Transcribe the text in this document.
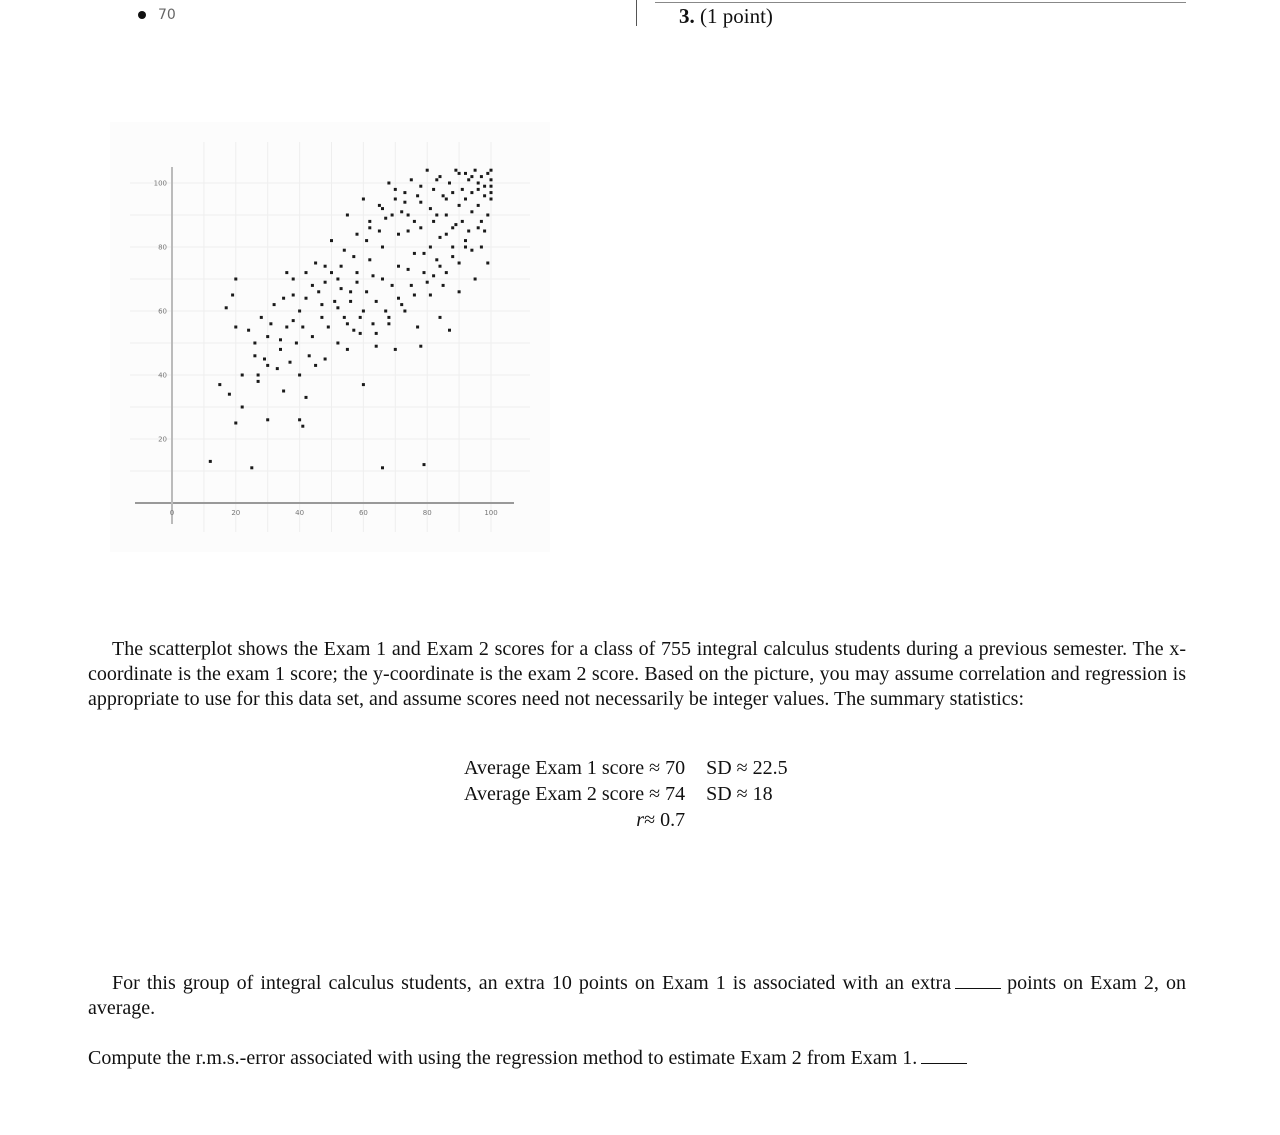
70	3. (1 point)
0	20	40	60	80	100
20
40
60
80
100

The scatterplot shows the Exam 1 and Exam 2 scores for a class of 755 integral calculus students during a previous semester. The x-coordinate is the exam 1 score; the y-coordinate is the exam 2 score. Based on the picture, you may assume correlation and regression is appropriate to use for this data set, and assume scores need not necessarily be integer values. The summary statistics:

Average Exam 1 score ≈ 70	SD ≈ 22.5
Average Exam 2 score ≈ 74	SD ≈ 18
r≈ 0.7	

For this group of integral calculus students, an extra 10 points on Exam 1 is associated with an extra	points on Exam 2, on average.

Compute the r.m.s.-error associated with using the regression method to estimate Exam 2 from Exam 1.
